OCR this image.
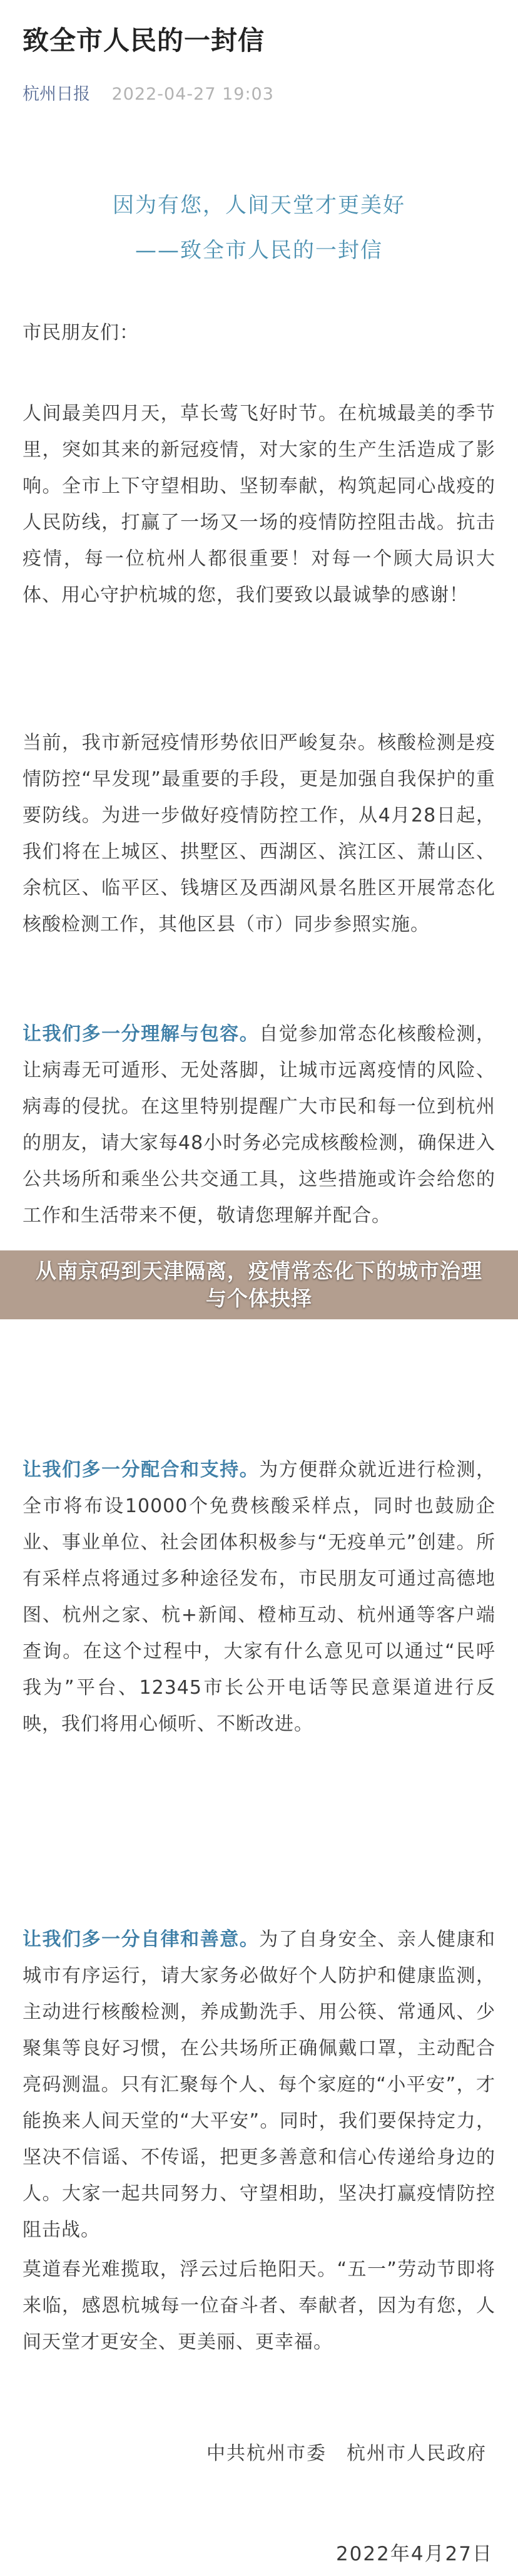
致全市人民的一封信
杭州日报 2022-04-27 19:03
因为有您，人间天堂才更美好
——致全市人民的一封信
市民朋友们：
人间最美四月天，草长莺飞好时节。在杭城最美的季节里，突如其来的新冠疫情，对大家的生产生活造成了影响。全市上下守望相助、坚韧奉献，构筑起同心战疫的人民防线，打赢了一场又一场的疫情防控阻击战。抗击疫情，每一位杭州人都很重要！对每一个顾大局识大体、用心守护杭城的您，我们要致以最诚挚的感谢！
当前，我市新冠疫情形势依旧严峻复杂。核酸检测是疫情防控“早发现”最重要的手段，更是加强自我保护的重要防线。为进一步做好疫情防控工作，从4月28日起，我们将在上城区、拱墅区、西湖区、滨江区、萧山区、余杭区、临平区、钱塘区及西湖风景名胜区开展常态化核酸检测工作，其他区县（市）同步参照实施。
让我们多一分理解与包容。自觉参加常态化核酸检测，让病毒无可遁形、无处落脚，让城市远离疫情的风险、病毒的侵扰。在这里特别提醒广大市民和每一位到杭州的朋友，请大家每48小时务必完成核酸检测，确保进入公共场所和乘坐公共交通工具，这些措施或许会给您的工作和生活带来不便，敬请您理解并配合。
让我们多一分配合和支持。为方便群众就近进行检测，全市将布设10000个免费核酸采样点，同时也鼓励企业、事业单位、社会团体积极参与“无疫单元”创建。所有采样点将通过多种途径发布，市民朋友可通过高德地图、杭州之家、杭+新闻、橙柿互动、杭州通等客户端查询。在这个过程中，大家有什么意见可以通过“民呼我为”平台、12345市长公开电话等民意渠道进行反映，我们将用心倾听、不断改进。
让我们多一分自律和善意。为了自身安全、亲人健康和城市有序运行，请大家务必做好个人防护和健康监测，主动进行核酸检测，养成勤洗手、用公筷、常通风、少聚集等良好习惯，在公共场所正确佩戴口罩，主动配合亮码测温。只有汇聚每个人、每个家庭的“小平安”，才能换来人间天堂的“大平安”。同时，我们要保持定力，坚决不信谣、不传谣，把更多善意和信心传递给身边的人。大家一起共同努力、守望相助，坚决打赢疫情防控阻击战。
莫道春光难揽取，浮云过后艳阳天。“五一”劳动节即将来临，感恩杭城每一位奋斗者、奉献者，因为有您，人间天堂才更安全、更美丽、更幸福。
中共杭州市委　杭州市人民政府
2022年4月27日
从南京码到天津隔离，疫情常态化下的城市治理
与个体抉择
